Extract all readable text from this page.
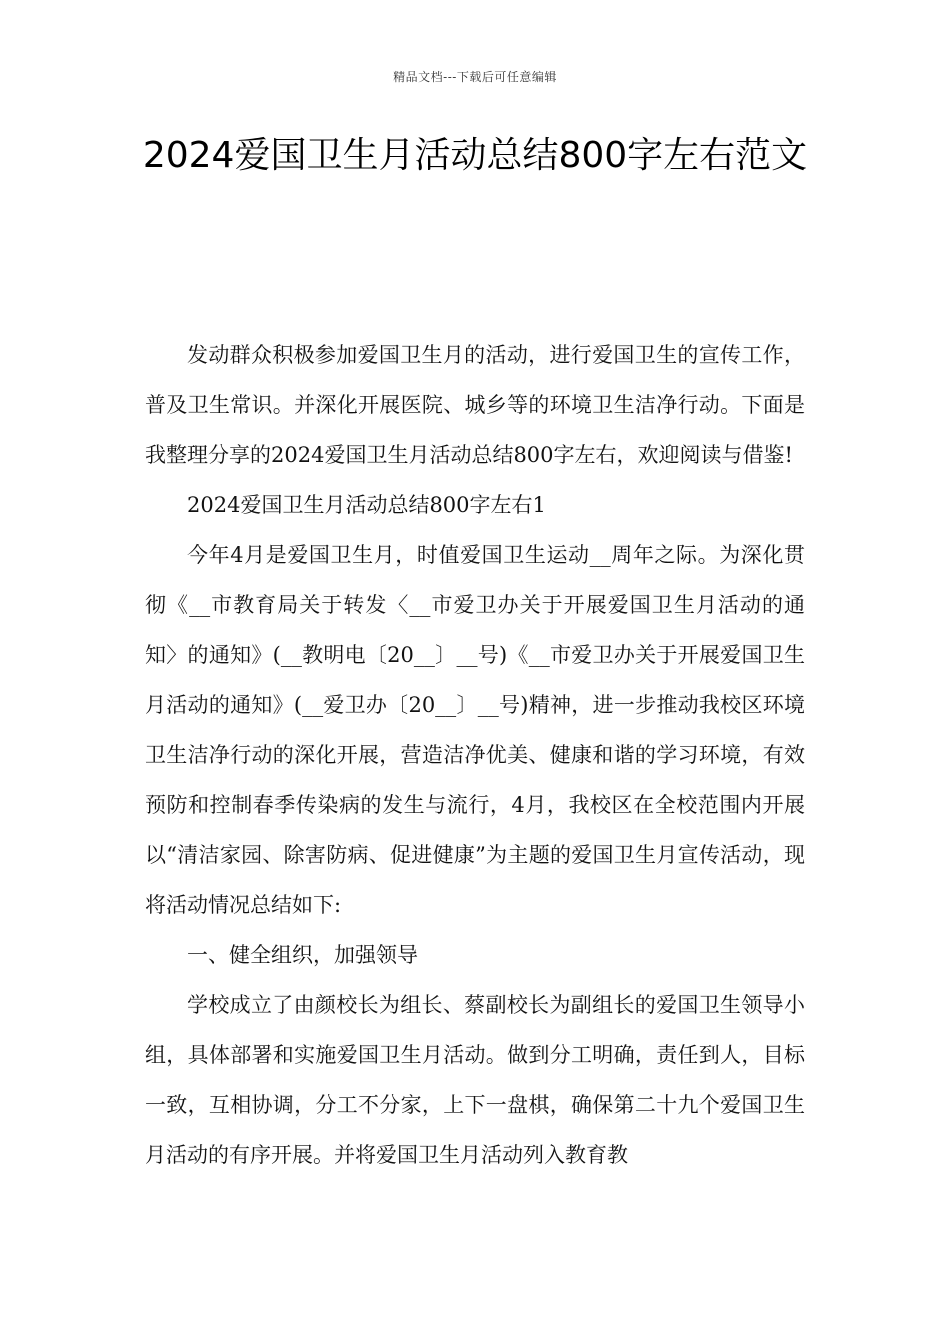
精品文档---下载后可任意编辑
2024爱国卫生月活动总结800字左右范文

发动群众积极参加爱国卫生月的活动，进行爱国卫生的宣传工作，普及卫生常识。并深化开展医院、城乡等的环境卫生洁净行动。下面是我整理分享的2024爱国卫生月活动总结800字左右，欢迎阅读与借鉴!

2024爱国卫生月活动总结800字左右1

今年4月是爱国卫生月，时值爱国卫生运动__周年之际。为深化贯彻《__市教育局关于转发〈__市爱卫办关于开展爱国卫生月活动的通知〉的通知》(__教明电〔20__〕__号)《__市爱卫办关于开展爱国卫生月活动的通知》(__爱卫办〔20__〕__号)精神，进一步推动我校区环境卫生洁净行动的深化开展，营造洁净优美、健康和谐的学习环境，有效预防和控制春季传染病的发生与流行，4月，我校区在全校范围内开展以“清洁家园、除害防病、促进健康”为主题的爱国卫生月宣传活动，现将活动情况总结如下:

一、健全组织，加强领导

学校成立了由颜校长为组长、蔡副校长为副组长的爱国卫生领导小组，具体部署和实施爱国卫生月活动。做到分工明确，责任到人，目标一致，互相协调，分工不分家，上下一盘棋，确保第二十九个爱国卫生月活动的有序开展。并将爱国卫生月活动列入教育教
